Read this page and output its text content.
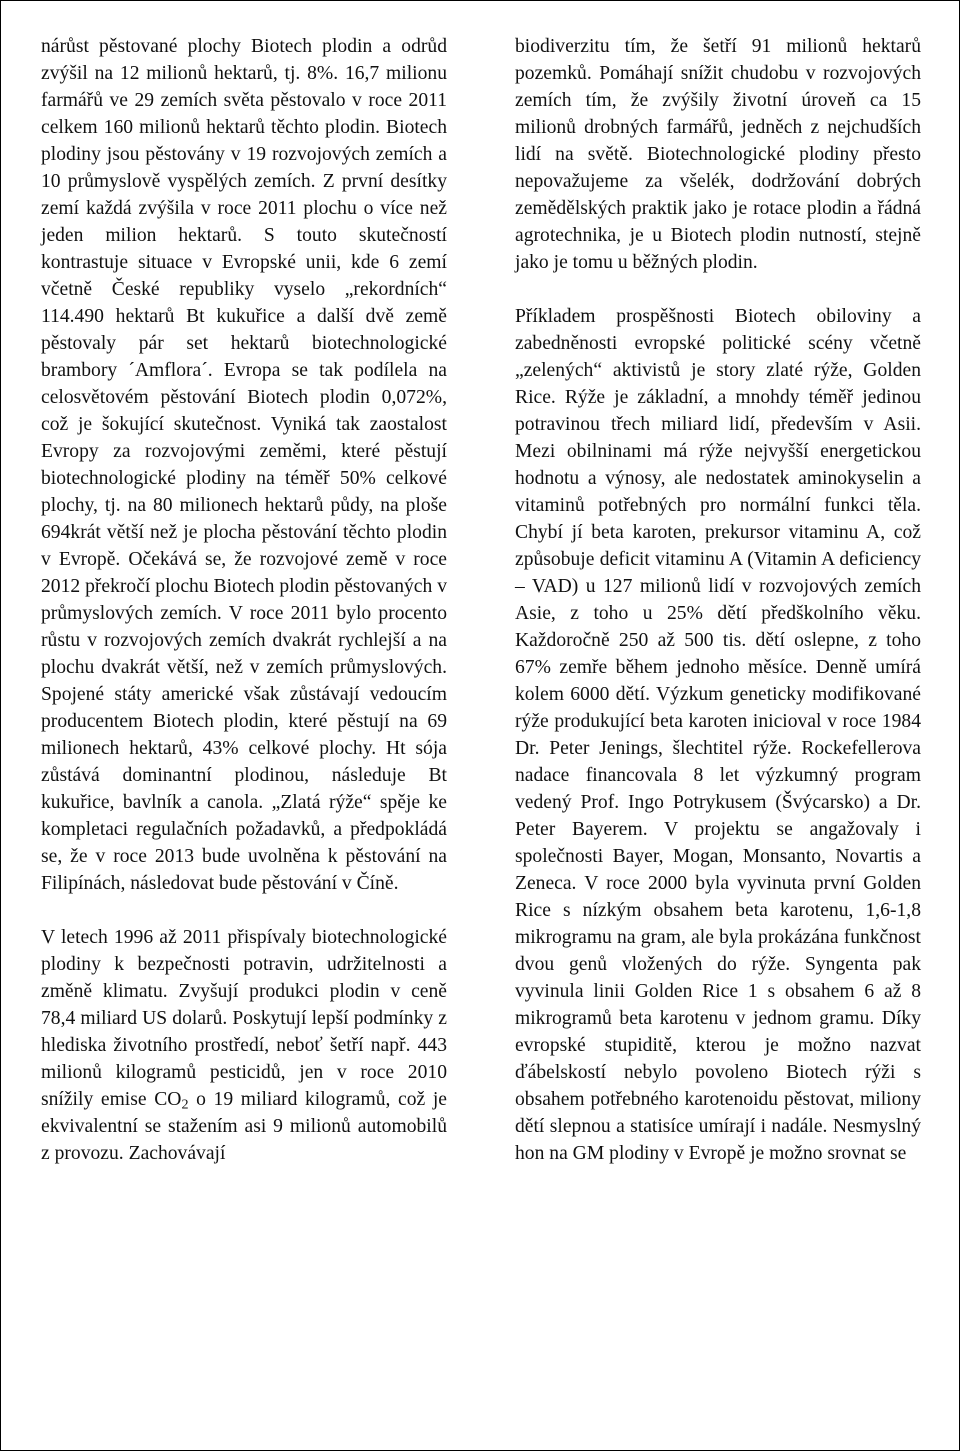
nárůst pěstované plochy Biotech plodin a odrůd zvýšil na 12 milionů hektarů, tj. 8%. 16,7 milionu farmářů ve 29 zemích světa pěstovalo v roce 2011 celkem 160 milionů hektarů těchto plodin. Biotech plodiny jsou pěstovány v 19 rozvojových zemích a 10 průmyslově vyspělých zemích. Z první desítky zemí každá zvýšila v roce 2011 plochu o více než jeden milion hektarů. S touto skutečností kontrastuje situace v Evropské unii, kde 6 zemí včetně České republiky vyselo „rekordních“ 114.490 hektarů Bt kukuřice a další dvě země pěstovaly pár set hektarů biotechnologické brambory ´Amflora´. Evropa se tak podílela na celosvětovém pěstování Biotech plodin 0,072%, což je šokující skutečnost. Vyniká tak zaostalost Evropy za rozvojovými zeměmi, které pěstují biotechnologické plodiny na téměř 50% celkové plochy, tj. na 80 milionech hektarů půdy, na ploše 694krát větší než je plocha pěstování těchto plodin v Evropě. Očekává se, že rozvojové země v roce 2012 překročí plochu Biotech plodin pěstovaných v průmyslových zemích. V roce 2011 bylo procento růstu v rozvojových zemích dvakrát rychlejší a na plochu dvakrát větší, než v zemích průmyslových. Spojené státy americké však zůstávají vedoucím producentem Biotech plodin, které pěstují na 69 milionech hektarů, 43% celkové plochy. Ht sója zůstává dominantní plodinou, následuje Bt kukuřice, bavlník a canola. „Zlatá rýže“ spěje ke kompletaci regulačních požadavků, a předpokládá se, že v roce 2013 bude uvolněna k pěstování na Filipínách, následovat bude pěstování v Číně.

V letech 1996 až 2011 přispívaly biotechnologické plodiny k bezpečnosti potravin, udržitelnosti a změně klimatu. Zvyšují produkci plodin v ceně 78,4 miliard US dolarů. Poskytují lepší podmínky z hlediska životního prostředí, neboť šetří např. 443 milionů kilogramů pesticidů, jen v roce 2010 snížily emise $CO_2$ o 19 miliard kilogramů, což je ekvivalentní se stažením asi 9 milionů automobilů z provozu. Zachovávají

biodiverzitu tím, že šetří 91 milionů hektarů pozemků. Pomáhají snížit chudobu v rozvojových zemích tím, že zvýšily životní úroveň ca 15 milionů drobných farmářů, jedněch z nejchudších lidí na světě. Biotechnologické plodiny přesto nepovažujeme za všelék, dodržování dobrých zemědělských praktik jako je rotace plodin a řádná agrotechnika, je u Biotech plodin nutností, stejně jako je tomu u běžných plodin.

Příkladem prospěšnosti Biotech obiloviny a zabedněnosti evropské politické scény včetně „zelených“ aktivistů je story zlaté rýže, Golden Rice. Rýže je základní, a mnohdy téměř jedinou potravinou třech miliard lidí, především v Asii. Mezi obilninami má rýže nejvyšší energetickou hodnotu a výnosy, ale nedostatek aminokyselin a vitaminů potřebných pro normální funkci těla. Chybí jí beta karoten, prekursor vitaminu A, což způsobuje deficit vitaminu A (Vitamin A deficiency – VAD) u 127 milionů lidí v rozvojových zemích Asie, z toho u 25% dětí předškolního věku. Každoročně 250 až 500 tis. dětí oslepne, z toho 67% zemře během jednoho měsíce. Denně umírá kolem 6000 dětí. Výzkum geneticky modifikované rýže produkující beta karoten inicioval v roce 1984 Dr. Peter Jenings, šlechtitel rýže. Rockefellerova nadace financovala 8 let výzkumný program vedený Prof. Ingo Potrykusem (Švýcarsko) a Dr. Peter Bayerem. V projektu se angažovaly i společnosti Bayer, Mogan, Monsanto, Novartis a Zeneca. V roce 2000 byla vyvinuta první Golden Rice s nízkým obsahem beta karotenu, 1,6-1,8 mikrogramu na gram, ale byla prokázána funkčnost dvou genů vložených do rýže. Syngenta pak vyvinula linii Golden Rice 1 s obsahem 6 až 8 mikrogramů beta karotenu v jednom gramu. Díky evropské stupiditě, kterou je možno nazvat ďábelskostí nebylo povoleno Biotech rýži s obsahem potřebného karotenoidu pěstovat, miliony dětí slepnou a statisíce umírají i nadále. Nesmyslný hon na GM plodiny v Evropě je možno srovnat se
